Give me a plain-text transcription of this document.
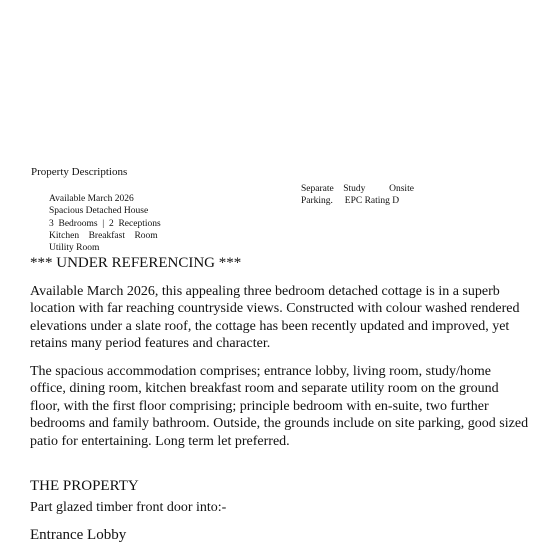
Property Descriptions
Available March 2026
Spacious Detached House
3  Bedrooms  |  2  Receptions
Kitchen    Breakfast    Room
Utility Room
Separate    Study          Onsite
Parking.     EPC Rating D
*** UNDER REFERENCING ***
Available March 2026, this appealing three bedroom detached cottage is in a superb location with far reaching countryside views. Constructed with colour washed rendered elevations under a slate roof, the cottage has been recently updated and improved, yet retains many period features and character.
The spacious accommodation comprises; entrance lobby, living room, study/home office, dining room, kitchen breakfast room and separate utility room on the ground floor, with the first floor comprising; principle bedroom with en-suite, two further bedrooms and family bathroom. Outside, the grounds include on site parking, good sized patio for entertaining. Long term let preferred.
THE PROPERTY
Part glazed timber front door into:-
Entrance Lobby
